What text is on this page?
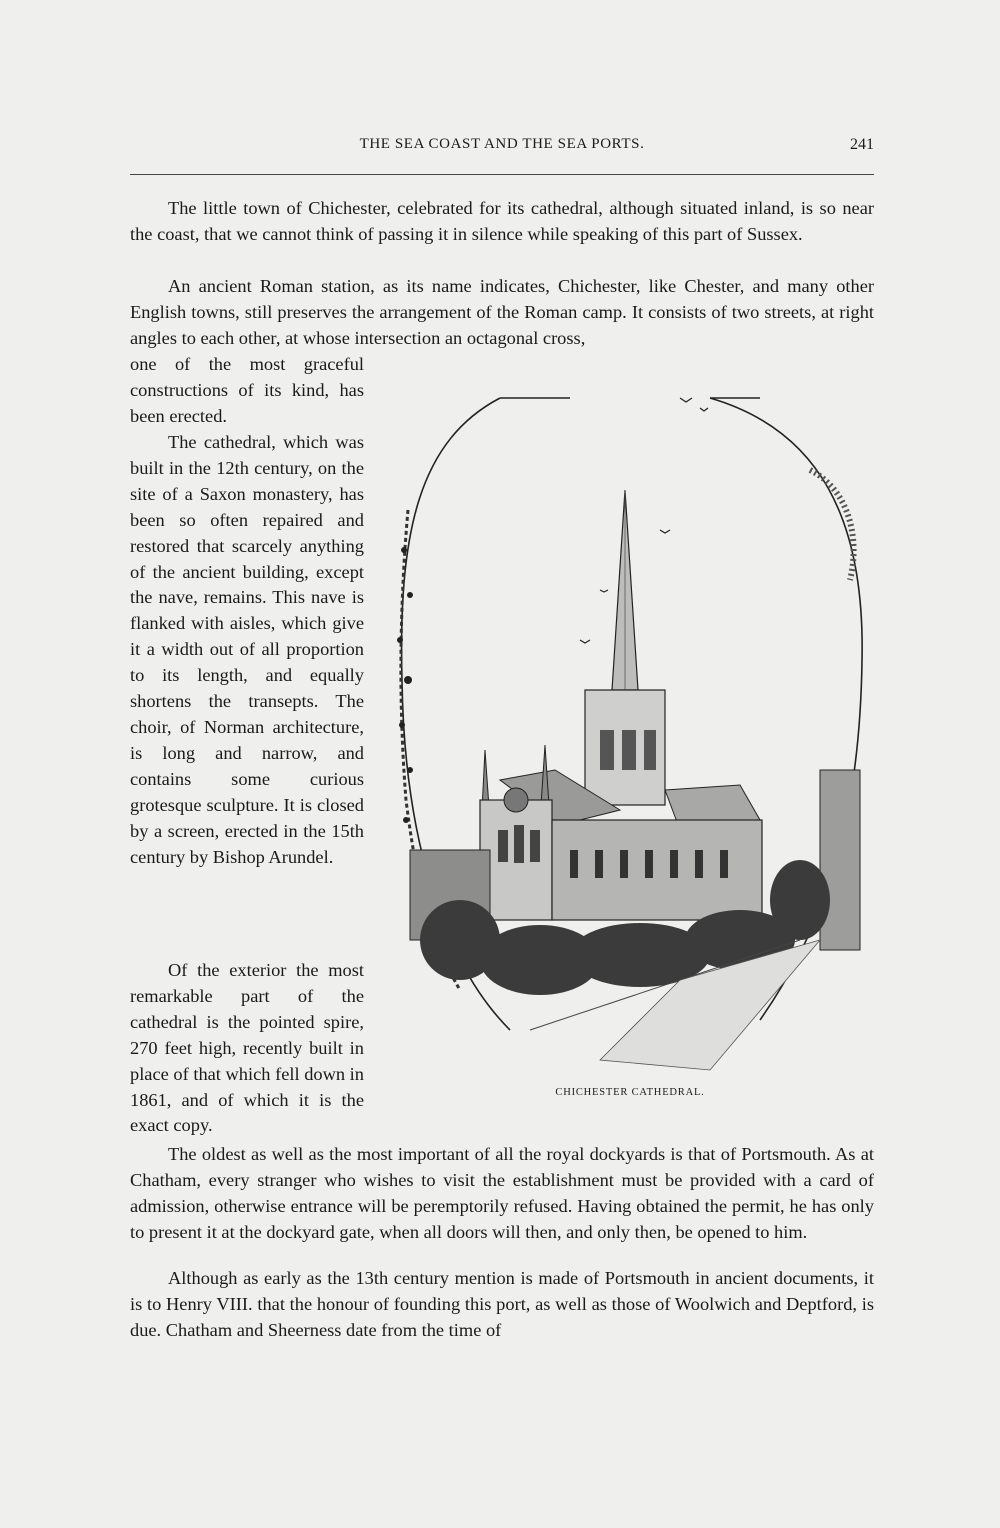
THE SEA COAST AND THE SEA PORTS.	241

The little town of Chichester, celebrated for its cathedral, although situated inland, is so near the coast, that we cannot think of passing it in silence while speaking of this part of Sussex.

An ancient Roman station, as its name indicates, Chichester, like Chester, and many other English towns, still preserves the arrangement of the Roman camp. It consists of two streets, at right angles to each other, at whose intersection an octagonal cross,

one of the most graceful constructions of its kind, has been erected.

The cathedral, which was built in the 12th century, on the site of a Saxon monastery, has been so often repaired and restored that scarcely anything of the ancient building, except the nave, remains. This nave is flanked with aisles, which give it a width out of all proportion to its length, and equally shortens the transepts. The choir, of Norman architecture, is long and narrow, and contains some curious grotesque sculpture. It is closed by a screen, erected in the 15th century by Bishop Arundel.

Of the exterior the most remarkable part of the cathedral is the pointed spire, 270 feet high, recently built in place of that which fell down in 1861, and of which it is the exact copy.

CHICHESTER CATHEDRAL.

The oldest as well as the most important of all the royal dockyards is that of Portsmouth. As at Chatham, every stranger who wishes to visit the establishment must be provided with a card of admission, otherwise entrance will be peremptorily refused. Having obtained the permit, he has only to present it at the dockyard gate, when all doors will then, and only then, be opened to him.

Although as early as the 13th century mention is made of Portsmouth in ancient documents, it is to Henry VIII. that the honour of founding this port, as well as those of Woolwich and Deptford, is due. Chatham and Sheerness date from the time of
